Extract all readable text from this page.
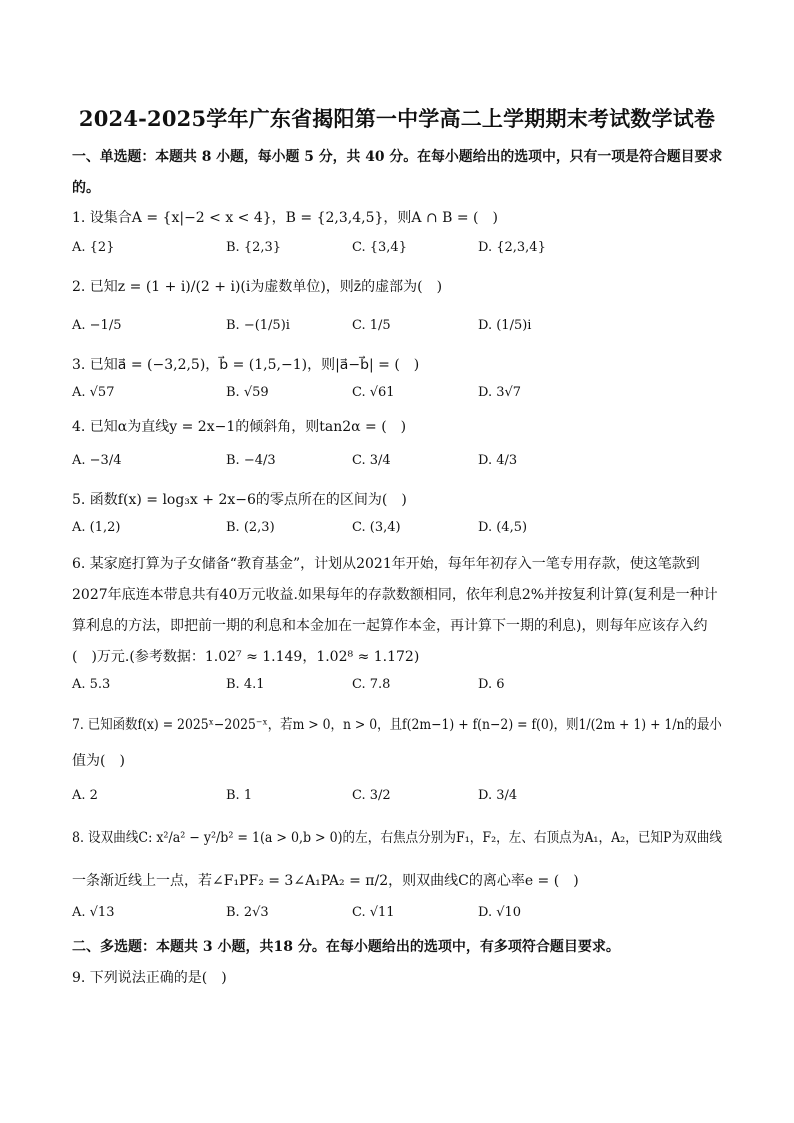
2024-2025学年广东省揭阳第一中学高二上学期期末考试数学试卷
一、单选题：本题共 8 小题，每小题 5 分，共 40 分。在每小题给出的选项中，只有一项是符合题目要求
的。
1. 设集合A = {x|−2 < x < 4}，B = {2,3,4,5}，则A ∩ B = (　)
A. {2}	B. {2,3}	C. {3,4}	D. {2,3,4}
2. 已知z = (1 + i)/(2 + i)(i为虚数单位)，则z̄的虚部为(　)
A. −1/5	B. −(1/5)i	C. 1/5	D. (1/5)i
3. 已知a⃗ = (−3,2,5)，b⃗ = (1,5,−1)，则|a⃗−b⃗| = (　)
A. √57	B. √59	C. √61	D. 3√7
4. 已知α为直线y = 2x−1的倾斜角，则tan2α = (　)
A. −3/4	B. −4/3	C. 3/4	D. 4/3
5. 函数f(x) = log₃x + 2x−6的零点所在的区间为(　)
A. (1,2)	B. (2,3)	C. (3,4)	D. (4,5)
6. 某家庭打算为子女储备“教育基金”，计划从2021年开始，每年年初存入一笔专用存款，使这笔款到
2027年底连本带息共有40万元收益.如果每年的存款数额相同，依年利息2%并按复利计算(复利是一种计
算利息的方法，即把前一期的利息和本金加在一起算作本金，再计算下一期的利息)，则每年应该存入约
(　)万元.(参考数据：1.02⁷ ≈ 1.149，1.02⁸ ≈ 1.172)
A. 5.3	B. 4.1	C. 7.8	D. 6
7. 已知函数f(x) = 2025ˣ−2025⁻ˣ，若m > 0，n > 0，且f(2m−1) + f(n−2) = f(0)，则1/(2m + 1) + 1/n的最小
值为(　)
A. 2	B. 1	C. 3/2	D. 3/4
8. 设双曲线C: x²/a² − y²/b² = 1(a > 0,b > 0)的左，右焦点分别为F₁，F₂，左、右顶点为A₁，A₂，已知P为双曲线
一条渐近线上一点，若∠F₁PF₂ = 3∠A₁PA₂ = π/2，则双曲线C的离心率e = (　)
A. √13	B. 2√3	C. √11	D. √10
二、多选题：本题共 3 小题，共18 分。在每小题给出的选项中，有多项符合题目要求。
9. 下列说法正确的是(　)
